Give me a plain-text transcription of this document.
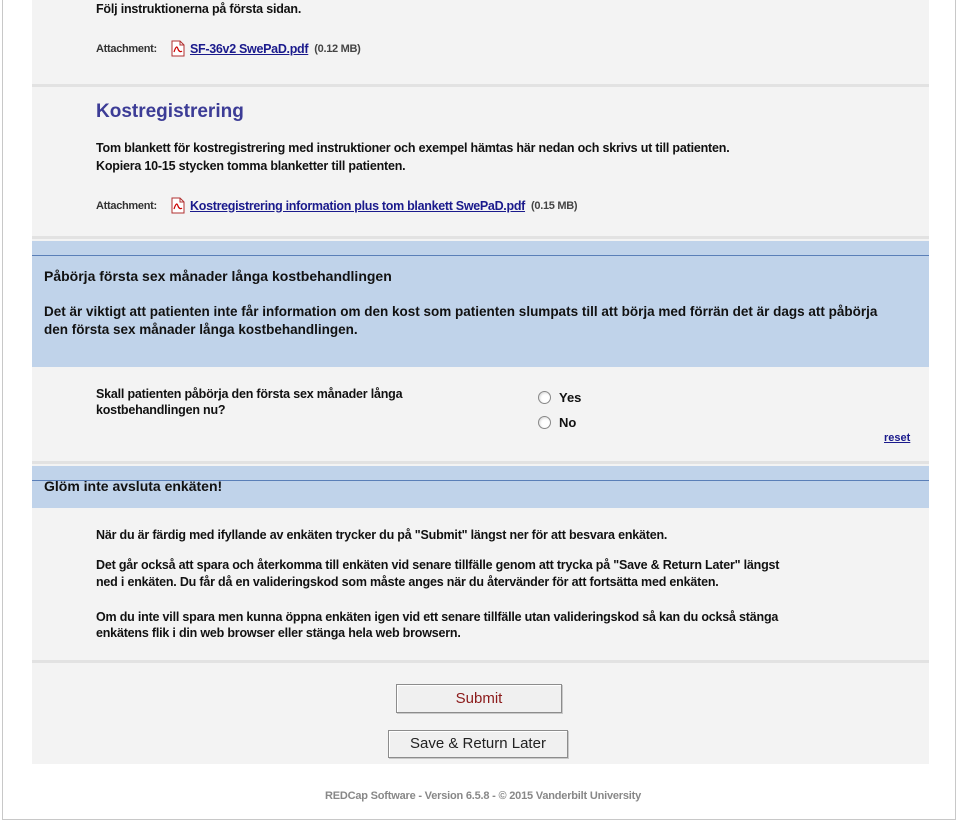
Följ instruktionerna på första sidan.
Attachment:	SF-36v2 SwePaD.pdf (0.12 MB)
Kostregistrering
Tom blankett för kostregistrering med instruktioner och exempel hämtas här nedan och skrivs ut till patienten.
Kopiera 10-15 stycken tomma blanketter till patienten.
Attachment:	Kostregistrering information plus tom blankett SwePaD.pdf (0.15 MB)
Påbörja första sex månader långa kostbehandlingen
Det är viktigt att patienten inte får information om den kost som patienten slumpats till att börja med förrän det är dags att påbörja den första sex månader långa kostbehandlingen.
Skall patienten påbörja den första sex månader långa
kostbehandlingen nu?
Yes
No
reset
Glöm inte avsluta enkäten!
När du är färdig med ifyllande av enkäten trycker du på "Submit" längst ner för att besvara enkäten.
Det går också att spara och återkomma till enkäten vid senare tillfälle genom att trycka på "Save & Return Later" längst
ned i enkäten. Du får då en valideringskod som måste anges när du återvänder för att fortsätta med enkäten.
Om du inte vill spara men kunna öppna enkäten igen vid ett senare tillfälle utan valideringskod så kan du också stänga
enkätens flik i din web browser eller stänga hela web browsern.
Submit
Save & Return Later
REDCap Software - Version 6.5.8 - © 2015 Vanderbilt University
